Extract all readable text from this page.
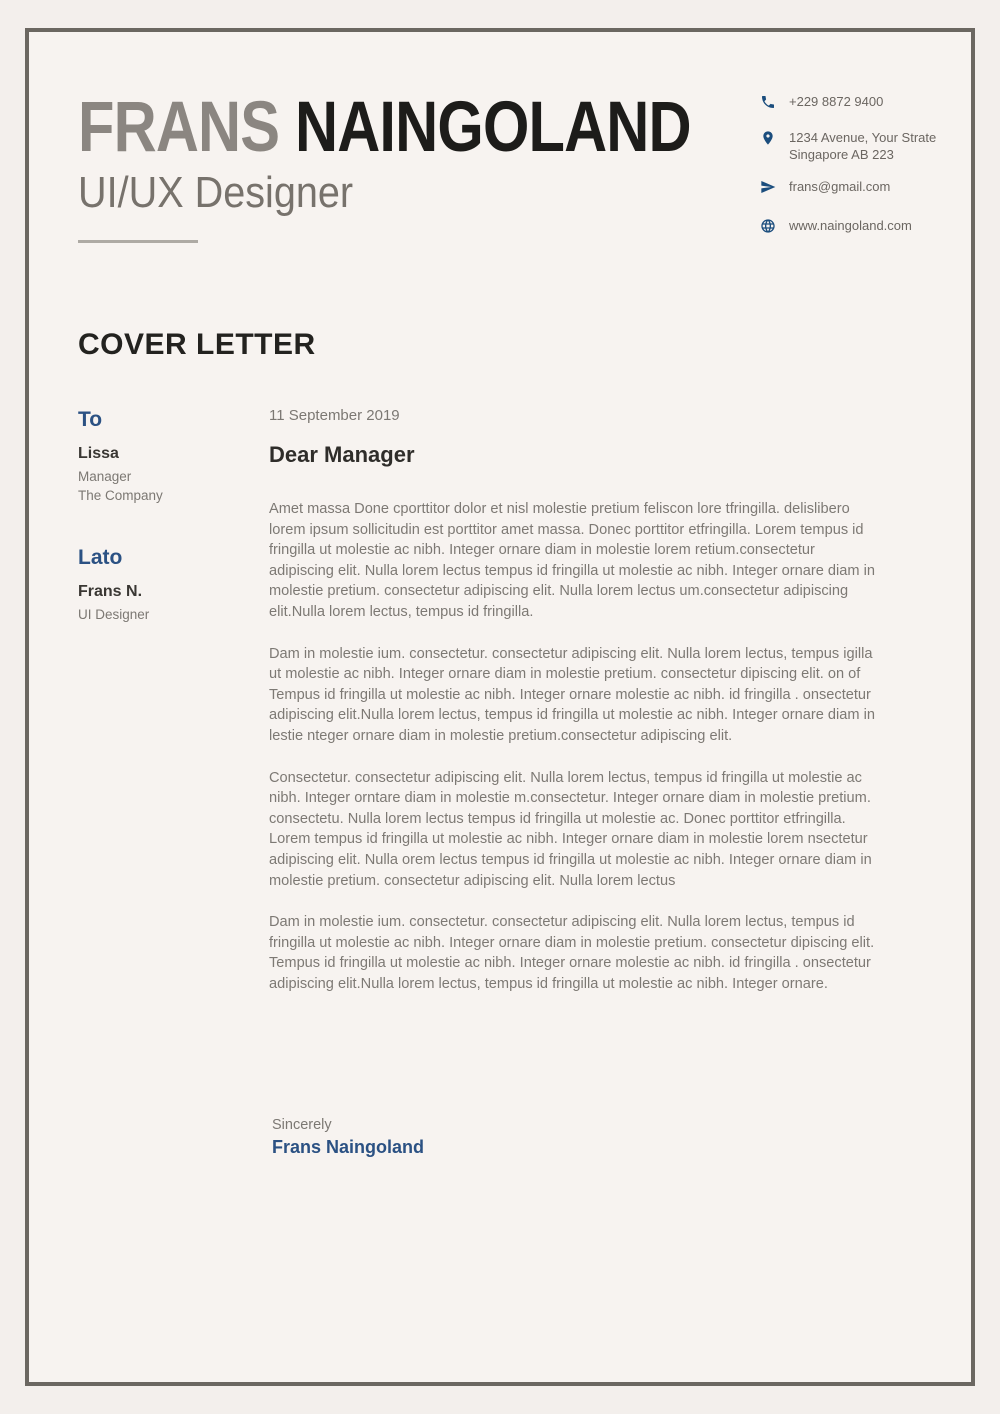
FRANS NAINGOLAND
UI/UX Designer
+229 8872 9400
1234 Avenue, Your Strate
Singapore AB 223
frans@gmail.com
www.naingoland.com
COVER LETTER
To
Lissa
Manager
The Company
Lato
Frans N.
UI Designer
11 September 2019
Dear Manager

Amet massa Done cporttitor dolor et nisl molestie pretium feliscon lore tfringilla. delislibero lorem ipsum sollicitudin est porttitor amet massa. Donec porttitor etfringilla. Lorem tempus id fringilla ut molestie ac nibh. Integer ornare diam in molestie lorem retium.consectetur adipiscing elit. Nulla lorem lectus tempus id fringilla ut molestie ac nibh. Integer ornare diam in molestie pretium. consectetur adipiscing elit. Nulla lorem lectus um.consectetur adipiscing elit.Nulla lorem lectus, tempus id fringilla.

Dam in molestie ium. consectetur. consectetur adipiscing elit. Nulla lorem lectus, tempus igilla ut molestie ac nibh. Integer ornare diam in molestie pretium. consectetur dipiscing elit. on of Tempus id fringilla ut molestie ac nibh. Integer ornare molestie ac nibh. id fringilla . onsectetur adipiscing elit.Nulla lorem lectus, tempus id fringilla ut molestie ac nibh. Integer ornare diam in lestie nteger ornare diam in molestie pretium.consectetur adipiscing elit.

Consectetur. consectetur adipiscing elit. Nulla lorem lectus, tempus id fringilla ut molestie ac nibh. Integer orntare diam in molestie m.consectetur. Integer ornare diam in molestie pretium. consectetu. Nulla lorem lectus tempus id fringilla ut molestie ac. Donec porttitor etfringilla. Lorem tempus id fringilla ut molestie ac nibh. Integer ornare diam in molestie lorem nsectetur adipiscing elit. Nulla orem lectus tempus id fringilla ut molestie ac nibh. Integer ornare diam in molestie pretium. consectetur adipiscing elit. Nulla lorem lectus

Dam in molestie ium. consectetur. consectetur adipiscing elit. Nulla lorem lectus, tempus id fringilla ut molestie ac nibh. Integer ornare diam in molestie pretium. consectetur dipiscing elit. Tempus id fringilla ut molestie ac nibh. Integer ornare molestie ac nibh. id fringilla . onsectetur adipiscing elit.Nulla lorem lectus, tempus id fringilla ut molestie ac nibh. Integer ornare.

Sincerely
Frans Naingoland
